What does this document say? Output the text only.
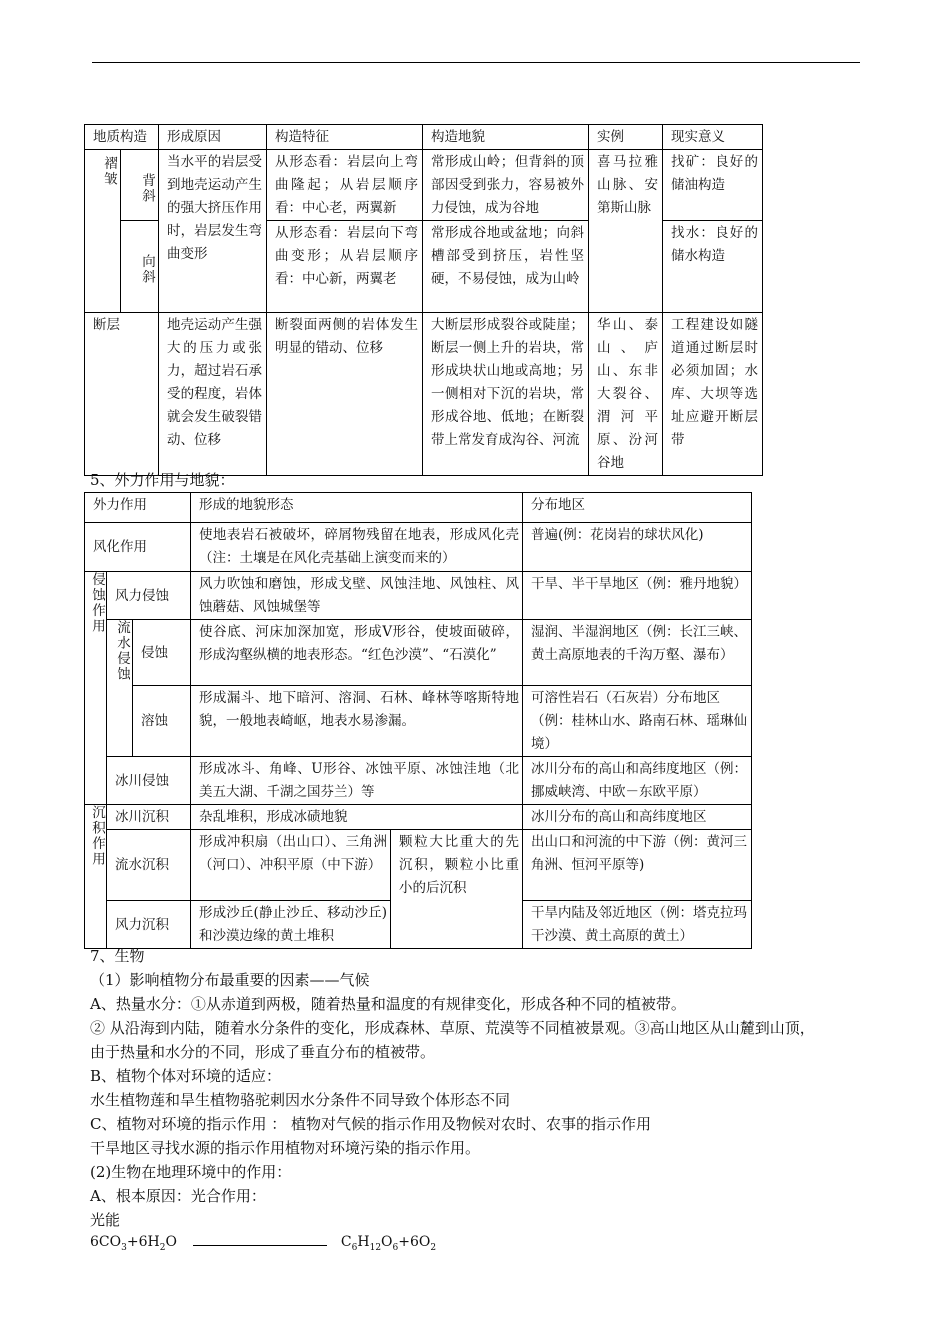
地质构造		形成原因	构造特征	构造地貌	实例	现实意义
褶皱	背斜	当水平的岩层受到地壳运动产生的强大挤压作用时，岩层发生弯曲变形	从形态看：岩层向上弯曲隆起；从岩层顺序看：中心老，两翼新	常形成山岭；但背斜的顶部因受到张力，容易被外力侵蚀，成为谷地	喜马拉雅山脉、安第斯山脉	找矿：良好的储油构造
	向斜		从形态看：岩层向下弯曲变形；从岩层顺序看：中心新，两翼老	常形成谷地或盆地；向斜槽部受到挤压，岩性坚硬，不易侵蚀，成为山岭		找水：良好的储水构造
断层		地壳运动产生强大的压力或张力，超过岩石承受的程度，岩体就会发生破裂错动、位移	断裂面两侧的岩体发生明显的错动、位移	大断层形成裂谷或陡崖；断层一侧上升的岩块，常形成块状山地或高地；另一侧相对下沉的岩块，常形成谷地、低地；在断裂带上常发育成沟谷、河流	华山、泰山、庐山、东非大裂谷、渭河平原、汾河谷地	工程建设如隧道通过断层时必须加固；水库、大坝等选址应避开断层带
5、外力作用与地貌：
外力作用			形成的地貌形态		分布地区
风化作用			使地表岩石被破坏，碎屑物残留在地表，形成风化壳（注：土壤是在风化壳基础上演变而来的）		普遍(例：花岗岩的球状风化)
侵蚀作用	风力侵蚀		风力吹蚀和磨蚀，形成戈壁、风蚀洼地、风蚀柱、风蚀蘑菇、风蚀城堡等		干旱、半干旱地区（例：雅丹地貌）
	流水侵蚀	侵蚀	使谷底、河床加深加宽，形成V形谷，使坡面破碎，形成沟壑纵横的地表形态。“红色沙漠”、“石漠化”		湿润、半湿润地区（例：长江三峡、黄土高原地表的千沟万壑、瀑布）
		溶蚀	形成漏斗、地下暗河、溶洞、石林、峰林等喀斯特地貌，一般地表崎岖，地表水易渗漏。		可溶性岩石（石灰岩）分布地区（例：桂林山水、路南石林、瑶琳仙境）
	冰川侵蚀		形成冰斗、角峰、U形谷、冰蚀平原、冰蚀洼地（北美五大湖、千湖之国芬兰）等		冰川分布的高山和高纬度地区（例：挪威峡湾、中欧－东欧平原）
沉积作用	冰川沉积		杂乱堆积，形成冰碛地貌		冰川分布的高山和高纬度地区
	流水沉积		形成冲积扇（出山口）、三角洲（河口）、冲积平原（中下游）	颗粒大比重大的先沉积，颗粒小比重小的后沉积	出山口和河流的中下游（例：黄河三角洲、恒河平原等)
	风力沉积		形成沙丘(静止沙丘、移动沙丘)和沙漠边缘的黄土堆积		干旱内陆及邻近地区（例：塔克拉玛干沙漠、黄土高原的黄土）
7、生物
（1）影响植物分布最重要的因素——气候
A、热量水分：①从赤道到两极，随着热量和温度的有规律变化，形成各种不同的植被带。
② 从沿海到内陆，随着水分条件的变化，形成森林、草原、荒漠等不同植被景观。③高山地区从山麓到山顶，
由于热量和水分的不同，形成了垂直分布的植被带。
B、植物个体对环境的适应：
水生植物莲和旱生植物骆驼刺因水分条件不同导致个体形态不同
C、植物对环境的指示作用 ： 植物对气候的指示作用及物候对农时、农事的指示作用
干旱地区寻找水源的指示作用植物对环境污染的指示作用。
(2)生物在地理环境中的作用：
A、根本原因：光合作用：
光能
$6CO_3+6H_2O$	$C_6H_{12}O_6+6O_2$
